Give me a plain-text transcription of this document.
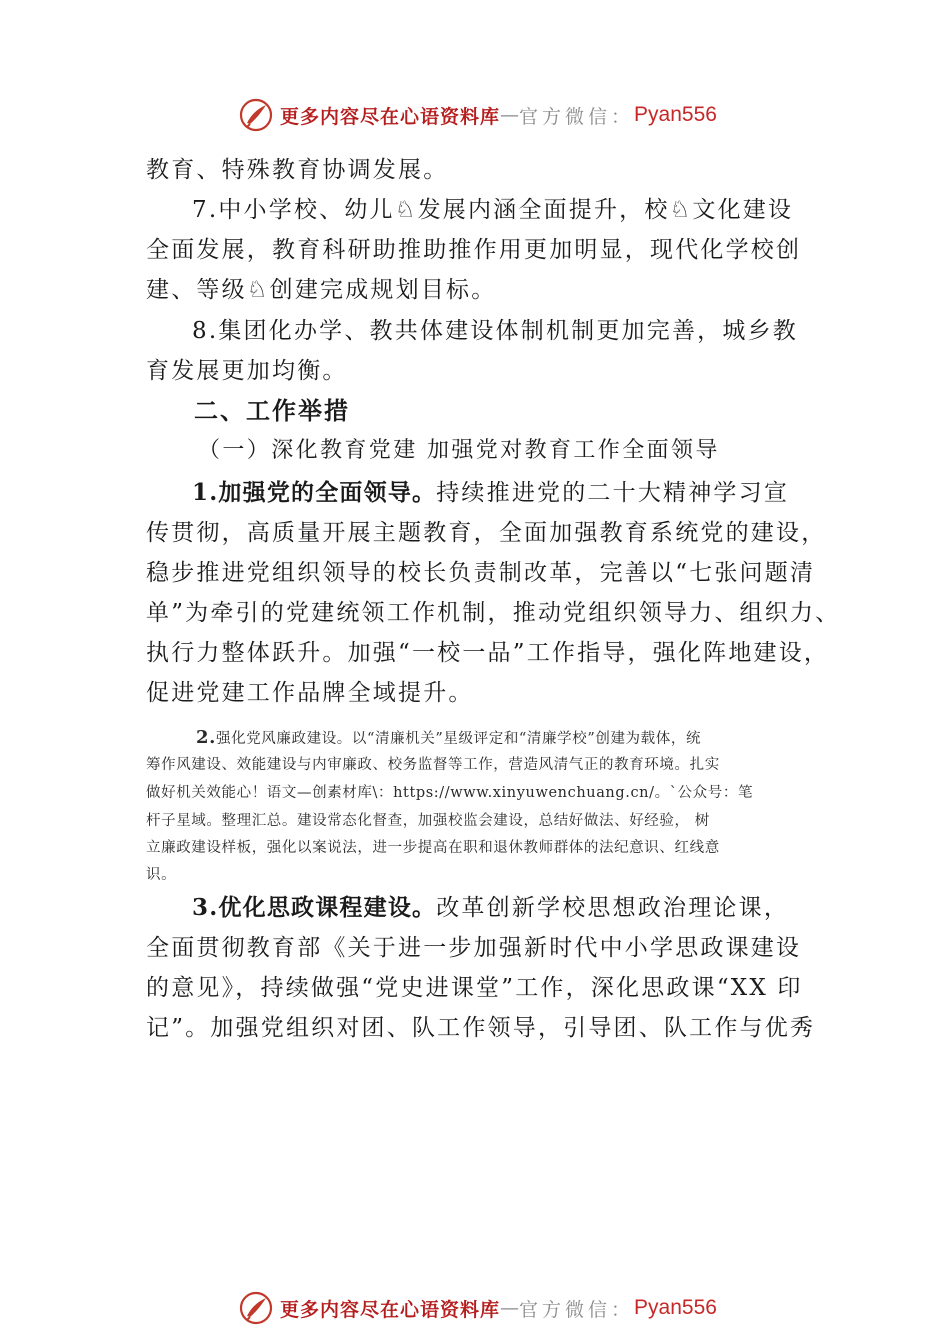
更多内容尽在心语资料库 — 官方微信： Pyan556
教育、特殊教育协调发展。
7.中小学校、幼儿♘发展内涵全面提升，校♘文化建设
全面发展，教育科研助推助推作用更加明显，现代化学校创
建、等级♘创建完成规划目标。
8.集团化办学、教共体建设体制机制更加完善，城乡教
育发展更加均衡。
二、工作举措
（一）深化教育党建 加强党对教育工作全面领导
1.加强党的全面领导。持续推进党的二十大精神学习宣
传贯彻，高质量开展主题教育，全面加强教育系统党的建设，
稳步推进党组织领导的校长负责制改革，完善以“七张问题清
单”为牵引的党建统领工作机制，推动党组织领导力、组织力、
执行力整体跃升。加强“一校一品”工作指导，强化阵地建设，
促进党建工作品牌全域提升。
2.强化党风廉政建设。以“清廉机关”星级评定和“清廉学校”创建为载体，统
筹作风建设、效能建设与内审廉政、校务监督等工作，营造风清气正的教育环境。扎实
做好机关效能心！语文—创素材库\：https://www.xinyuwenchuang.cn/。`公众号：笔
杆子星域。整理汇总。建设常态化督查，加强校监会建设，总结好做法、好经验， 树
立廉政建设样板，强化以案说法，进一步提高在职和退休教师群体的法纪意识、红线意
识。
3.优化思政课程建设。改革创新学校思想政治理论课，
全面贯彻教育部《关于进一步加强新时代中小学思政课建设
的意见》，持续做强“党史进课堂”工作，深化思政课“XX 印
记”。加强党组织对团、队工作领导，引导团、队工作与优秀
更多内容尽在心语资料库 — 官方微信： Pyan556
